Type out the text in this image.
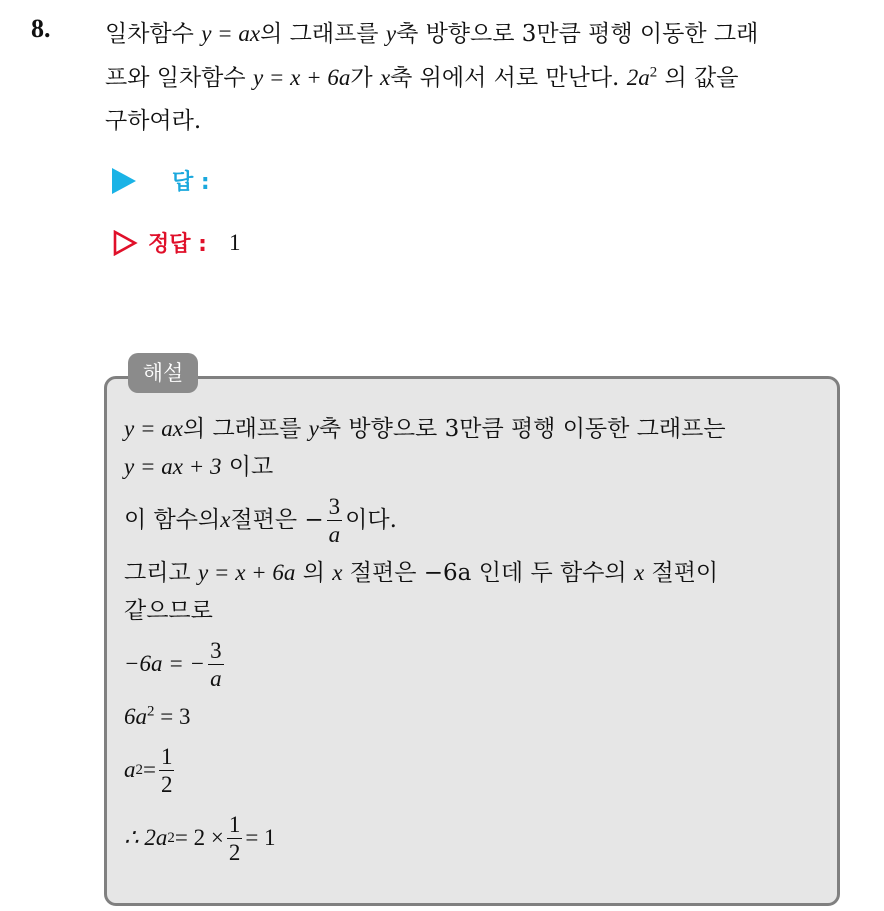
8. 일차함수 y = ax의 그래프를 y축 방향으로 3만큼 평행 이동한 그래
프와 일차함수 y = x + 6a가 x축 위에서 서로 만난다. $2a^2$ 의 값을
구하여라.
답 :
정답 : 1
해설
y = ax의 그래프를 y축 방향으로 3만큼 평행 이동한 그래프는
y = ax + 3 이고
이 함수의 x 절편은 − $\frac{3}{a}$ 이다.
그리고 y = x + 6a 의 x 절편은 −6a 인데 두 함수의 x 절편이
같으므로
−6a = − $\frac{3}{a}$
$6a^2 = 3$
a $2 = \frac{1}{2}$
∴ 2a $2 = 2 \times \frac{1}{2} = 1$
